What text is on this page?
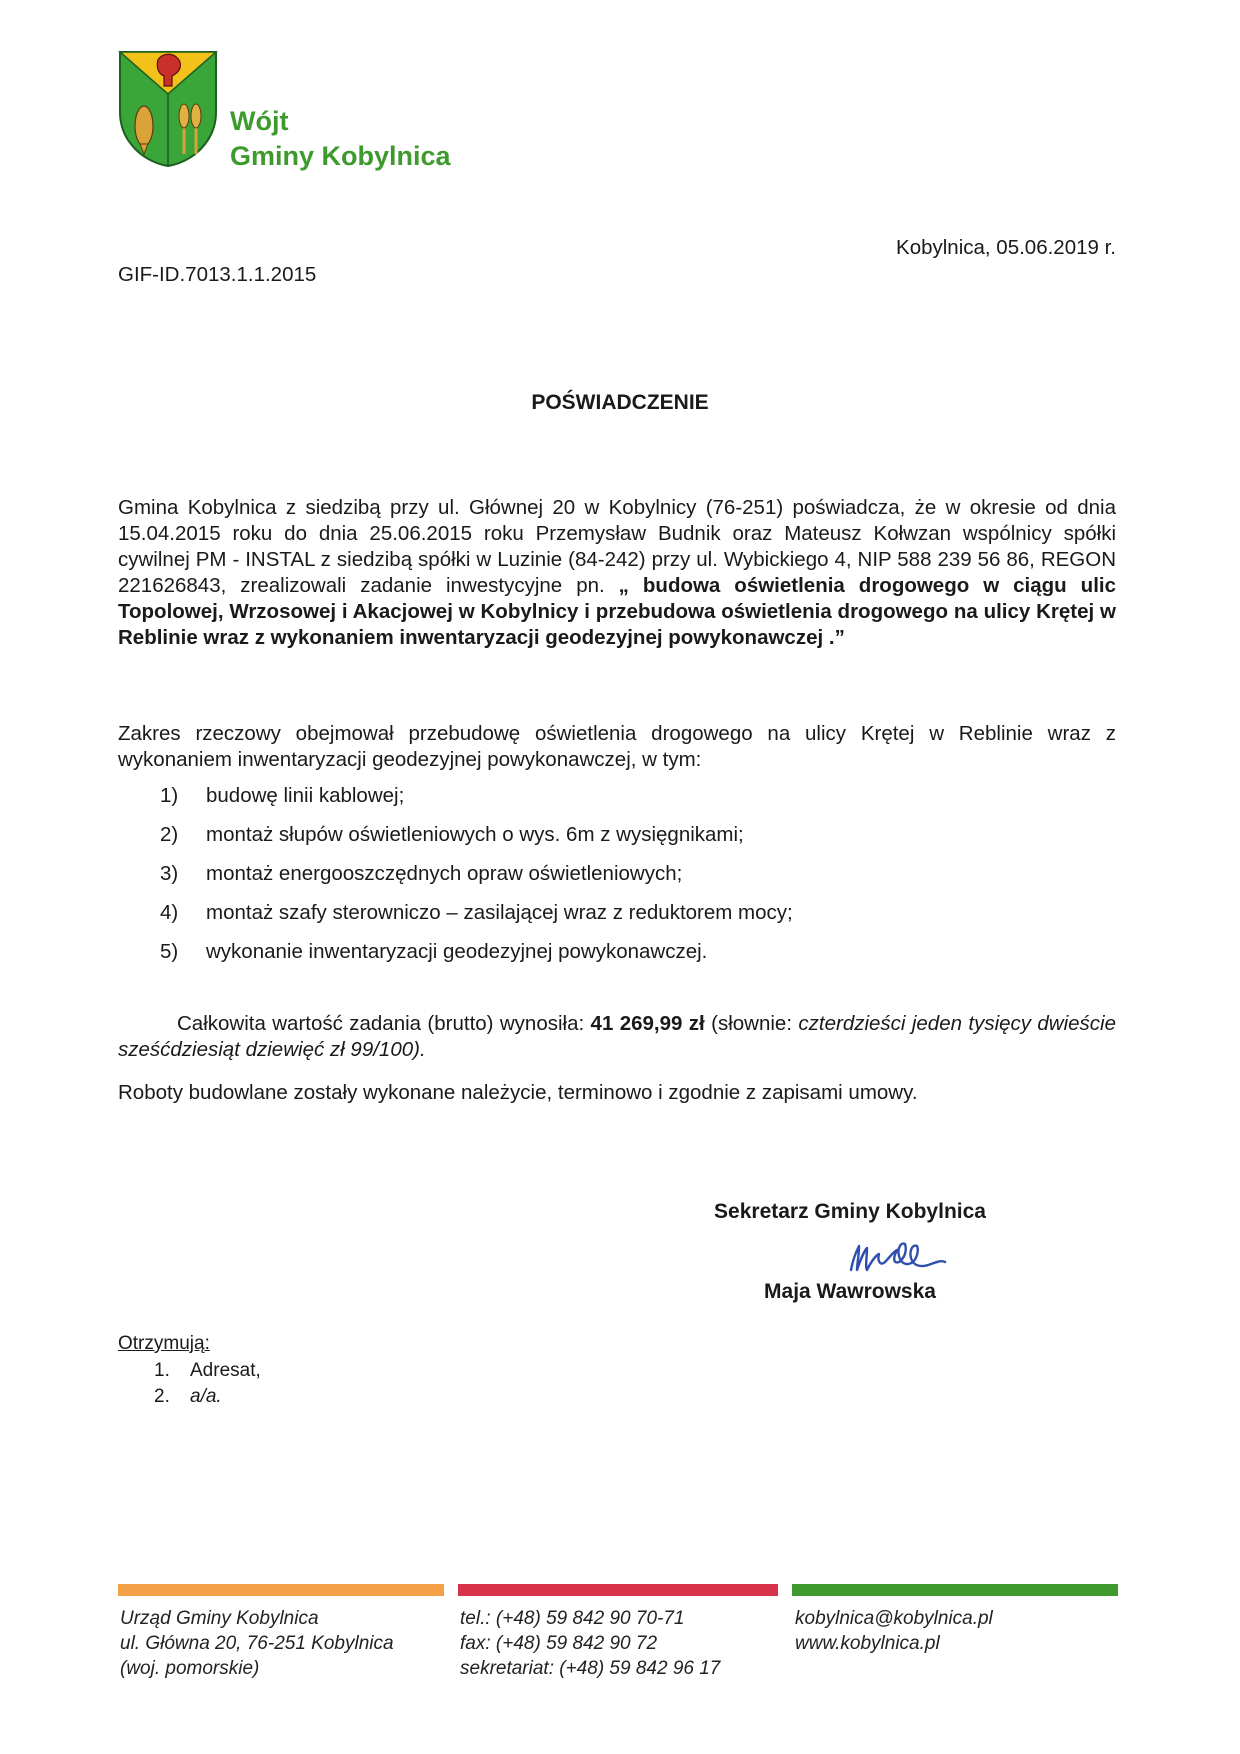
Wójt
Gminy Kobylnica
Kobylnica, 05.06.2019 r.
GIF-ID.7013.1.1.2015
POŚWIADCZENIE
Gmina Kobylnica z siedzibą przy ul. Głównej 20 w Kobylnicy (76-251) poświadcza, że w okresie od dnia 15.04.2015 roku do dnia 25.06.2015 roku Przemysław Budnik oraz Mateusz Kołwzan wspólnicy spółki cywilnej PM - INSTAL z siedzibą spółki w Luzinie (84-242) przy ul. Wybickiego 4, NIP 588 239 56 86, REGON 221626843, zrealizowali zadanie inwestycyjne pn. „ budowa oświetlenia drogowego w ciągu ulic Topolowej, Wrzosowej i Akacjowej w Kobylnicy i przebudowa oświetlenia drogowego na ulicy Krętej w Reblinie wraz z wykonaniem inwentaryzacji geodezyjnej powykonawczej .”
Zakres rzeczowy obejmował przebudowę oświetlenia drogowego na ulicy Krętej w Reblinie wraz z wykonaniem inwentaryzacji geodezyjnej powykonawczej, w tym:
1)	budowę linii kablowej;
2)	montaż słupów oświetleniowych o wys. 6m z wysięgnikami;
3)	montaż energooszczędnych opraw oświetleniowych;
4)	montaż szafy sterowniczo – zasilającej wraz z reduktorem mocy;
5)	wykonanie inwentaryzacji geodezyjnej powykonawczej.
Całkowita wartość zadania (brutto) wynosiła: 41 269,99 zł (słownie: czterdzieści jeden tysięcy dwieście sześćdziesiąt dziewięć zł 99/100).
Roboty budowlane zostały wykonane należycie, terminowo i zgodnie z zapisami umowy.
Sekretarz Gminy Kobylnica
Maja Wawrowska
Otrzymują:
1.	Adresat,
2.	a/a.
Urząd Gminy Kobylnica
ul. Główna 20, 76-251 Kobylnica
(woj. pomorskie)
tel.: (+48) 59 842 90 70-71
fax: (+48) 59 842 90 72
sekretariat: (+48) 59 842 96 17
kobylnica@kobylnica.pl
www.kobylnica.pl
